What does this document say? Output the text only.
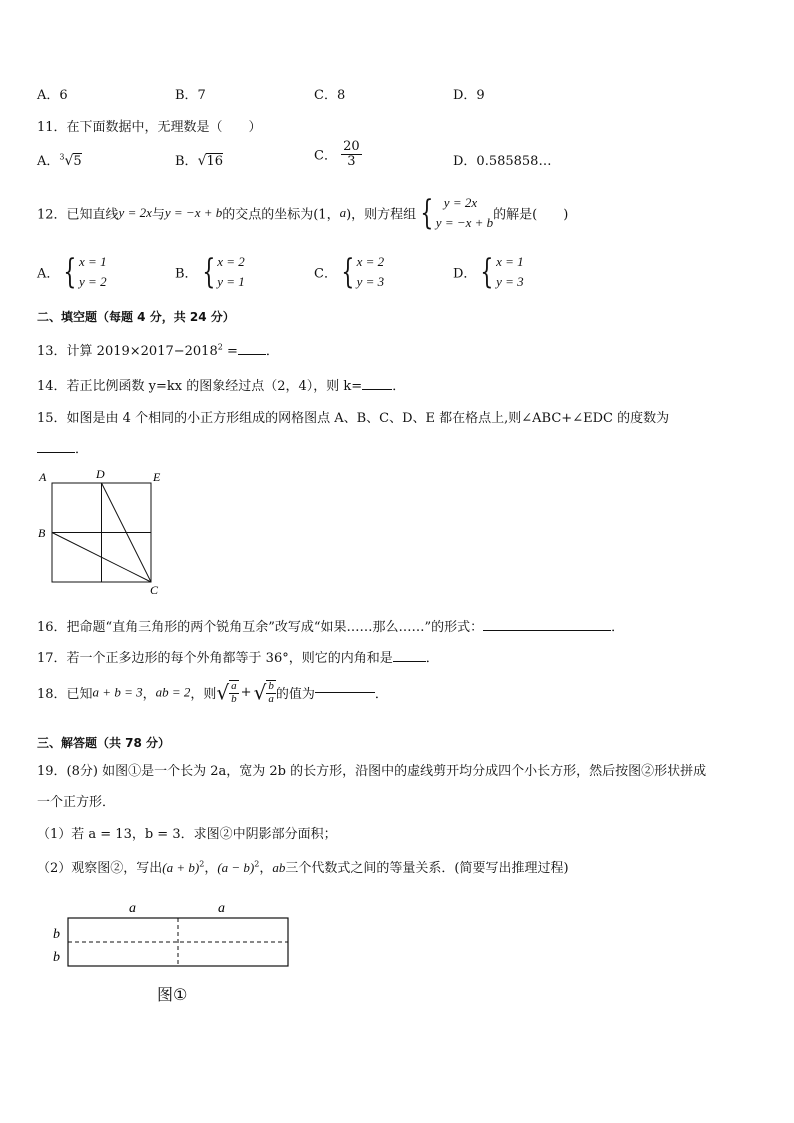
A．6	B．7	C．8	D．9
11．在下面数据中，无理数是（　　）
A．$^3$√5	B．√16	C． $\frac{20}{3}$	D．0.585858…
12．已知直线y = 2x与y = −x + b的交点的坐标为(1，a)，则方程组 { y = 2x
y = −x + b 的解是(　　)
A． { x = 1
y = 2	B． { x = 2
y = 1	C． { x = 2
y = 3	D． { x = 1
y = 3
二、填空题（每题 4 分，共 24 分）
13．计算 $2019\times 2017-2018^2$ = ．
14．若正比例函数 y=kx 的图象经过点（2，4），则 k= ．
15．如图是由 4 个相同的小正方形组成的网格图点 A、B、C、D、E 都在格点上,则∠ABC+∠EDC 的度数为
．
A	D	E
B
C
16．把命题“直角三角形的两个锐角互余”改写成“如果……那么……”的形式：	．
17．若一个正多边形的每个外角都等于 36°，则它的内角和是	．
18．已知a + b = 3，ab = 2，则√ $\frac{a}{b}$ + √ $\frac{b}{a}$ 的值为	．
三、解答题（共 78 分）
19．(8分) 如图①是一个长为 2a，宽为 2b 的长方形，沿图中的虚线剪开均分成四个小长方形，然后按图②形状拼成
一个正方形．
（1）若 a = 13，b = 3．求图②中阴影部分面积；
（2）观察图②，写出$(a + b)^2$，$(a - b)^2$，ab三个代数式之间的等量关系．(简要写出推理过程)
a	a
b
b
图①
